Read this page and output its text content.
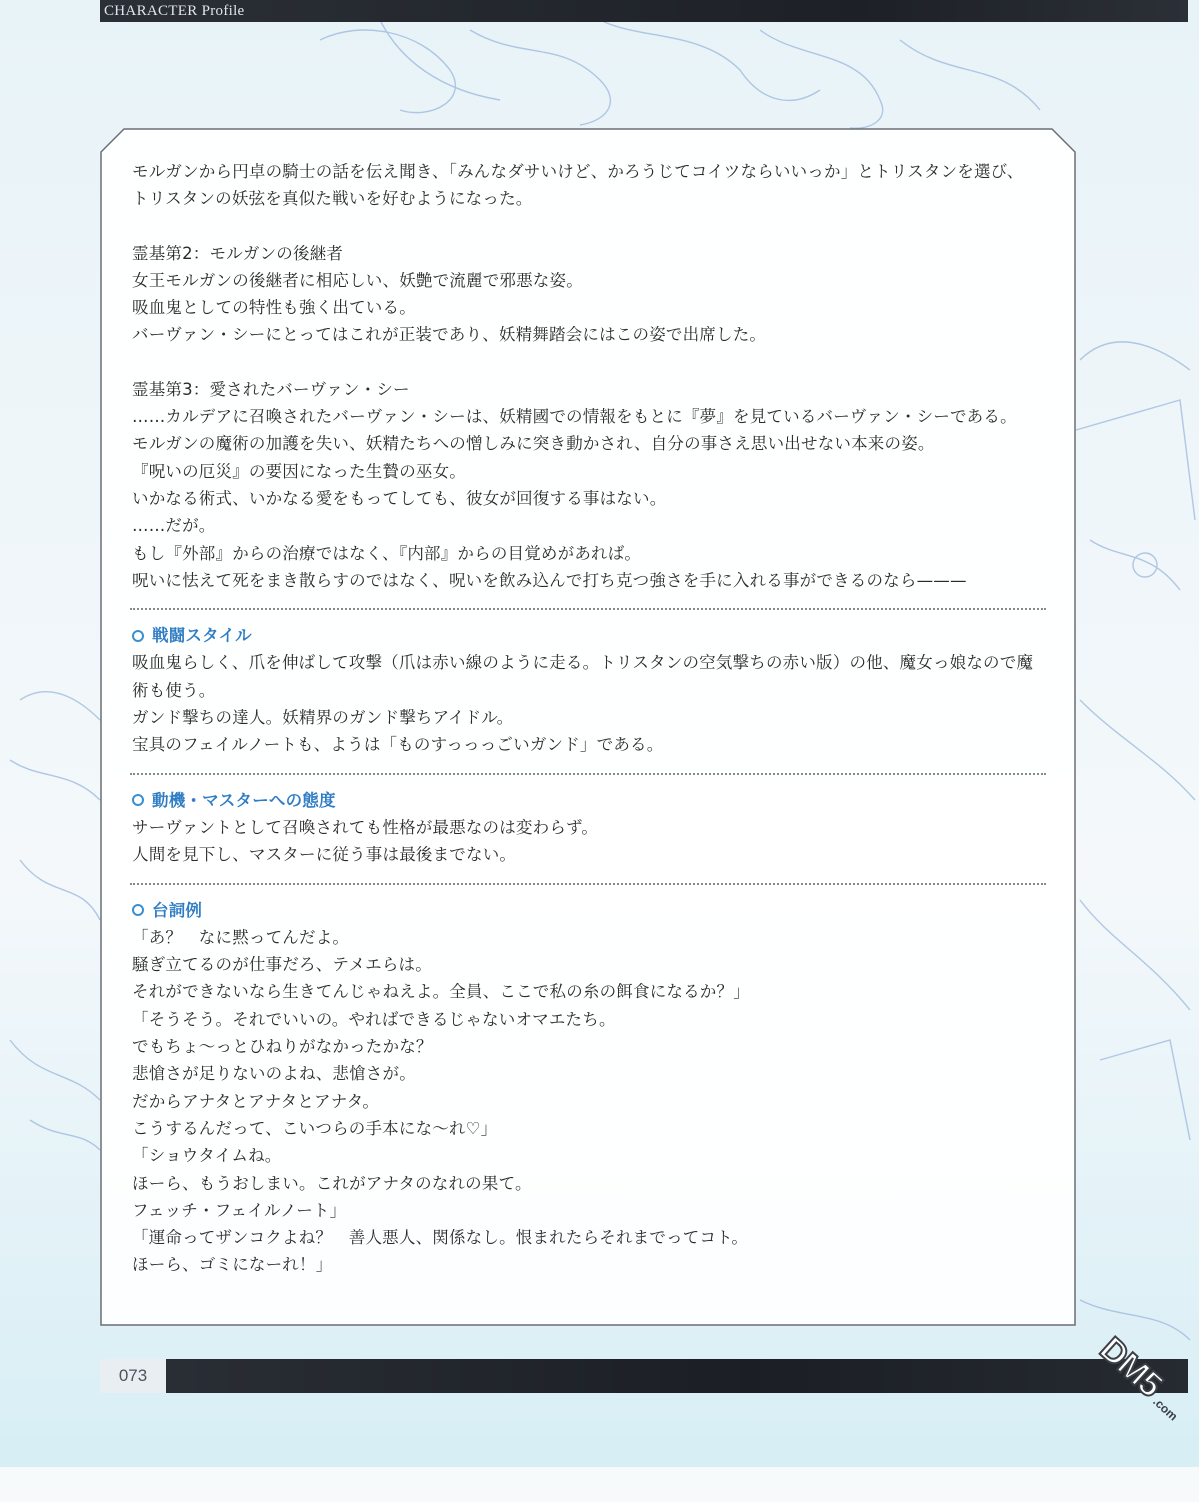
CHARACTER Profile

モルガンから円卓の騎士の話を伝え聞き、「みんなダサいけど、かろうじてコイツならいいっか」とトリスタンを選び、

トリスタンの妖弦を真似た戦いを好むようになった。

霊基第2：モルガンの後継者

女王モルガンの後継者に相応しい、妖艶で流麗で邪悪な姿。

吸血鬼としての特性も強く出ている。

バーヴァン・シーにとってはこれが正装であり、妖精舞踏会にはこの姿で出席した。

霊基第3：愛されたバーヴァン・シー

……カルデアに召喚されたバーヴァン・シーは、妖精國での情報をもとに『夢』を見ているバーヴァン・シーである。

モルガンの魔術の加護を失い、妖精たちへの憎しみに突き動かされ、自分の事さえ思い出せない本来の姿。

『呪いの厄災』の要因になった生贄の巫女。

いかなる術式、いかなる愛をもってしても、彼女が回復する事はない。

……だが。

もし『外部』からの治療ではなく、『内部』からの目覚めがあれば。

呪いに怯えて死をまき散らすのではなく、呪いを飲み込んで打ち克つ強さを手に入れる事ができるのなら———

戦闘スタイル

吸血鬼らしく、爪を伸ばして攻撃（爪は赤い線のように走る。トリスタンの空気撃ちの赤い版）の他、魔女っ娘なので魔

術も使う。

ガンド撃ちの達人。妖精界のガンド撃ちアイドル。

宝具のフェイルノートも、ようは「ものすっっっごいガンド」である。

動機・マスターへの態度

サーヴァントとして召喚されても性格が最悪なのは変わらず。

人間を見下し、マスターに従う事は最後までない。

台詞例

「あ？　なに黙ってんだよ。

騒ぎ立てるのが仕事だろ、テメエらは。

それができないなら生きてんじゃねえよ。全員、ここで私の糸の餌食になるか？」

「そうそう。それでいいの。やればできるじゃないオマエたち。

でもちょ～っとひねりがなかったかな？

悲愴さが足りないのよね、悲愴さが。

だからアナタとアナタとアナタ。

こうするんだって、こいつらの手本にな～れ♡」

「ショウタイムね。

ほーら、もうおしまい。これがアナタのなれの果て。

フェッチ・フェイルノート」

「運命ってザンコクよね？　善人悪人、関係なし。恨まれたらそれまでってコト。

ほーら、ゴミになーれ！」

073	DM5
.com
